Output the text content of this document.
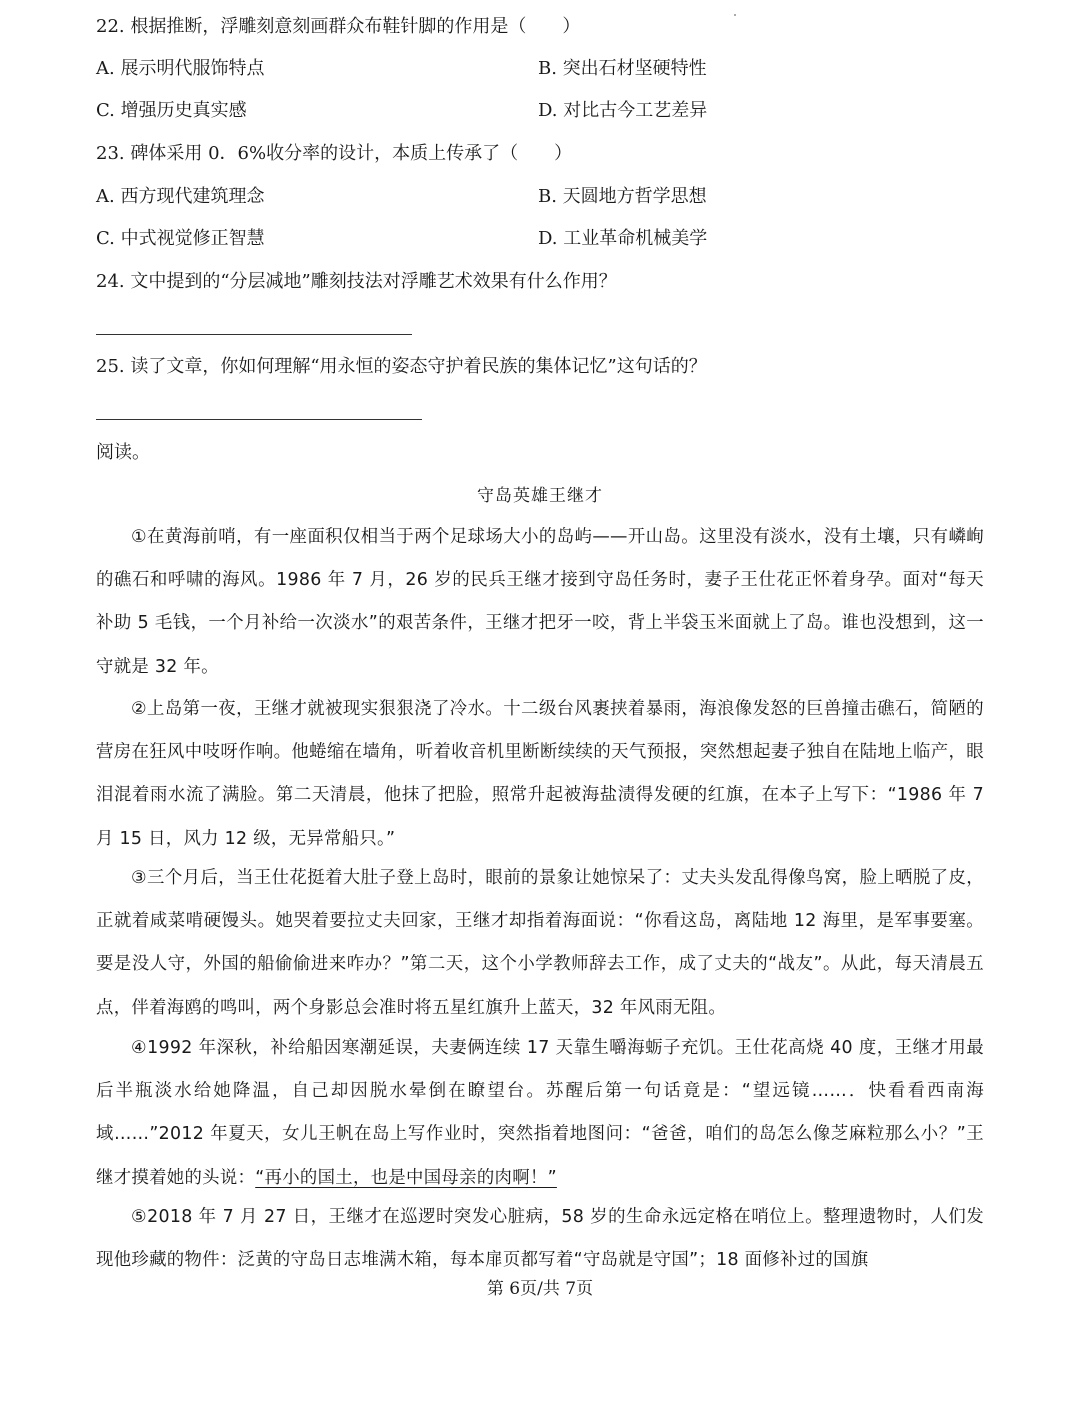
22. 根据推断，浮雕刻意刻画群众布鞋针脚的作用是（　　）
A. 展示明代服饰特点	B. 突出石材坚硬特性
C. 增强历史真实感	D. 对比古今工艺差异
23. 碑体采用 0．6%收分率的设计，本质上传承了（　　）
A. 西方现代建筑理念	B. 天圆地方哲学思想
C. 中式视觉修正智慧	D. 工业革命机械美学
24. 文中提到的“分层减地”雕刻技法对浮雕艺术效果有什么作用？
25. 读了文章，你如何理解“用永恒的姿态守护着民族的集体记忆”这句话的？
阅读。
守岛英雄王继才
①在黄海前哨，有一座面积仅相当于两个足球场大小的岛屿——开山岛。这里没有淡水，没有土壤，只有嶙峋的礁石和呼啸的海风。1986 年 7 月，26 岁的民兵王继才接到守岛任务时，妻子王仕花正怀着身孕。面对“每天补助 5 毛钱，一个月补给一次淡水”的艰苦条件，王继才把牙一咬，背上半袋玉米面就上了岛。谁也没想到，这一守就是 32 年。
②上岛第一夜，王继才就被现实狠狠浇了冷水。十二级台风裹挟着暴雨，海浪像发怒的巨兽撞击礁石，简陋的营房在狂风中吱呀作响。他蜷缩在墙角，听着收音机里断断续续的天气预报，突然想起妻子独自在陆地上临产，眼泪混着雨水流了满脸。第二天清晨，他抹了把脸，照常升起被海盐渍得发硬的红旗，在本子上写下：“1986 年 7 月 15 日，风力 12 级，无异常船只。”
③三个月后，当王仕花挺着大肚子登上岛时，眼前的景象让她惊呆了：丈夫头发乱得像鸟窝，脸上晒脱了皮，正就着咸菜啃硬馒头。她哭着要拉丈夫回家，王继才却指着海面说：“你看这岛，离陆地 12 海里，是军事要塞。要是没人守，外国的船偷偷进来咋办？”第二天，这个小学教师辞去工作，成了丈夫的“战友”。从此，每天清晨五点，伴着海鸥的鸣叫，两个身影总会准时将五星红旗升上蓝天，32 年风雨无阻。
④1992 年深秋，补给船因寒潮延误，夫妻俩连续 17 天靠生嚼海蛎子充饥。王仕花高烧 40 度，王继才用最后半瓶淡水给她降温，自己却因脱水晕倒在瞭望台。苏醒后第一句话竟是：“望远镜……．快看看西南海域……”2012 年夏天，女儿王帆在岛上写作业时，突然指着地图问：“爸爸，咱们的岛怎么像芝麻粒那么小？”王继才摸着她的头说：“再小的国土，也是中国母亲的肉啊！”
⑤2018 年 7 月 27 日，王继才在巡逻时突发心脏病，58 岁的生命永远定格在哨位上。整理遗物时，人们发现他珍藏的物件：泛黄的守岛日志堆满木箱，每本扉页都写着“守岛就是守国”；18 面修补过的国旗
第 6页/共 7页
